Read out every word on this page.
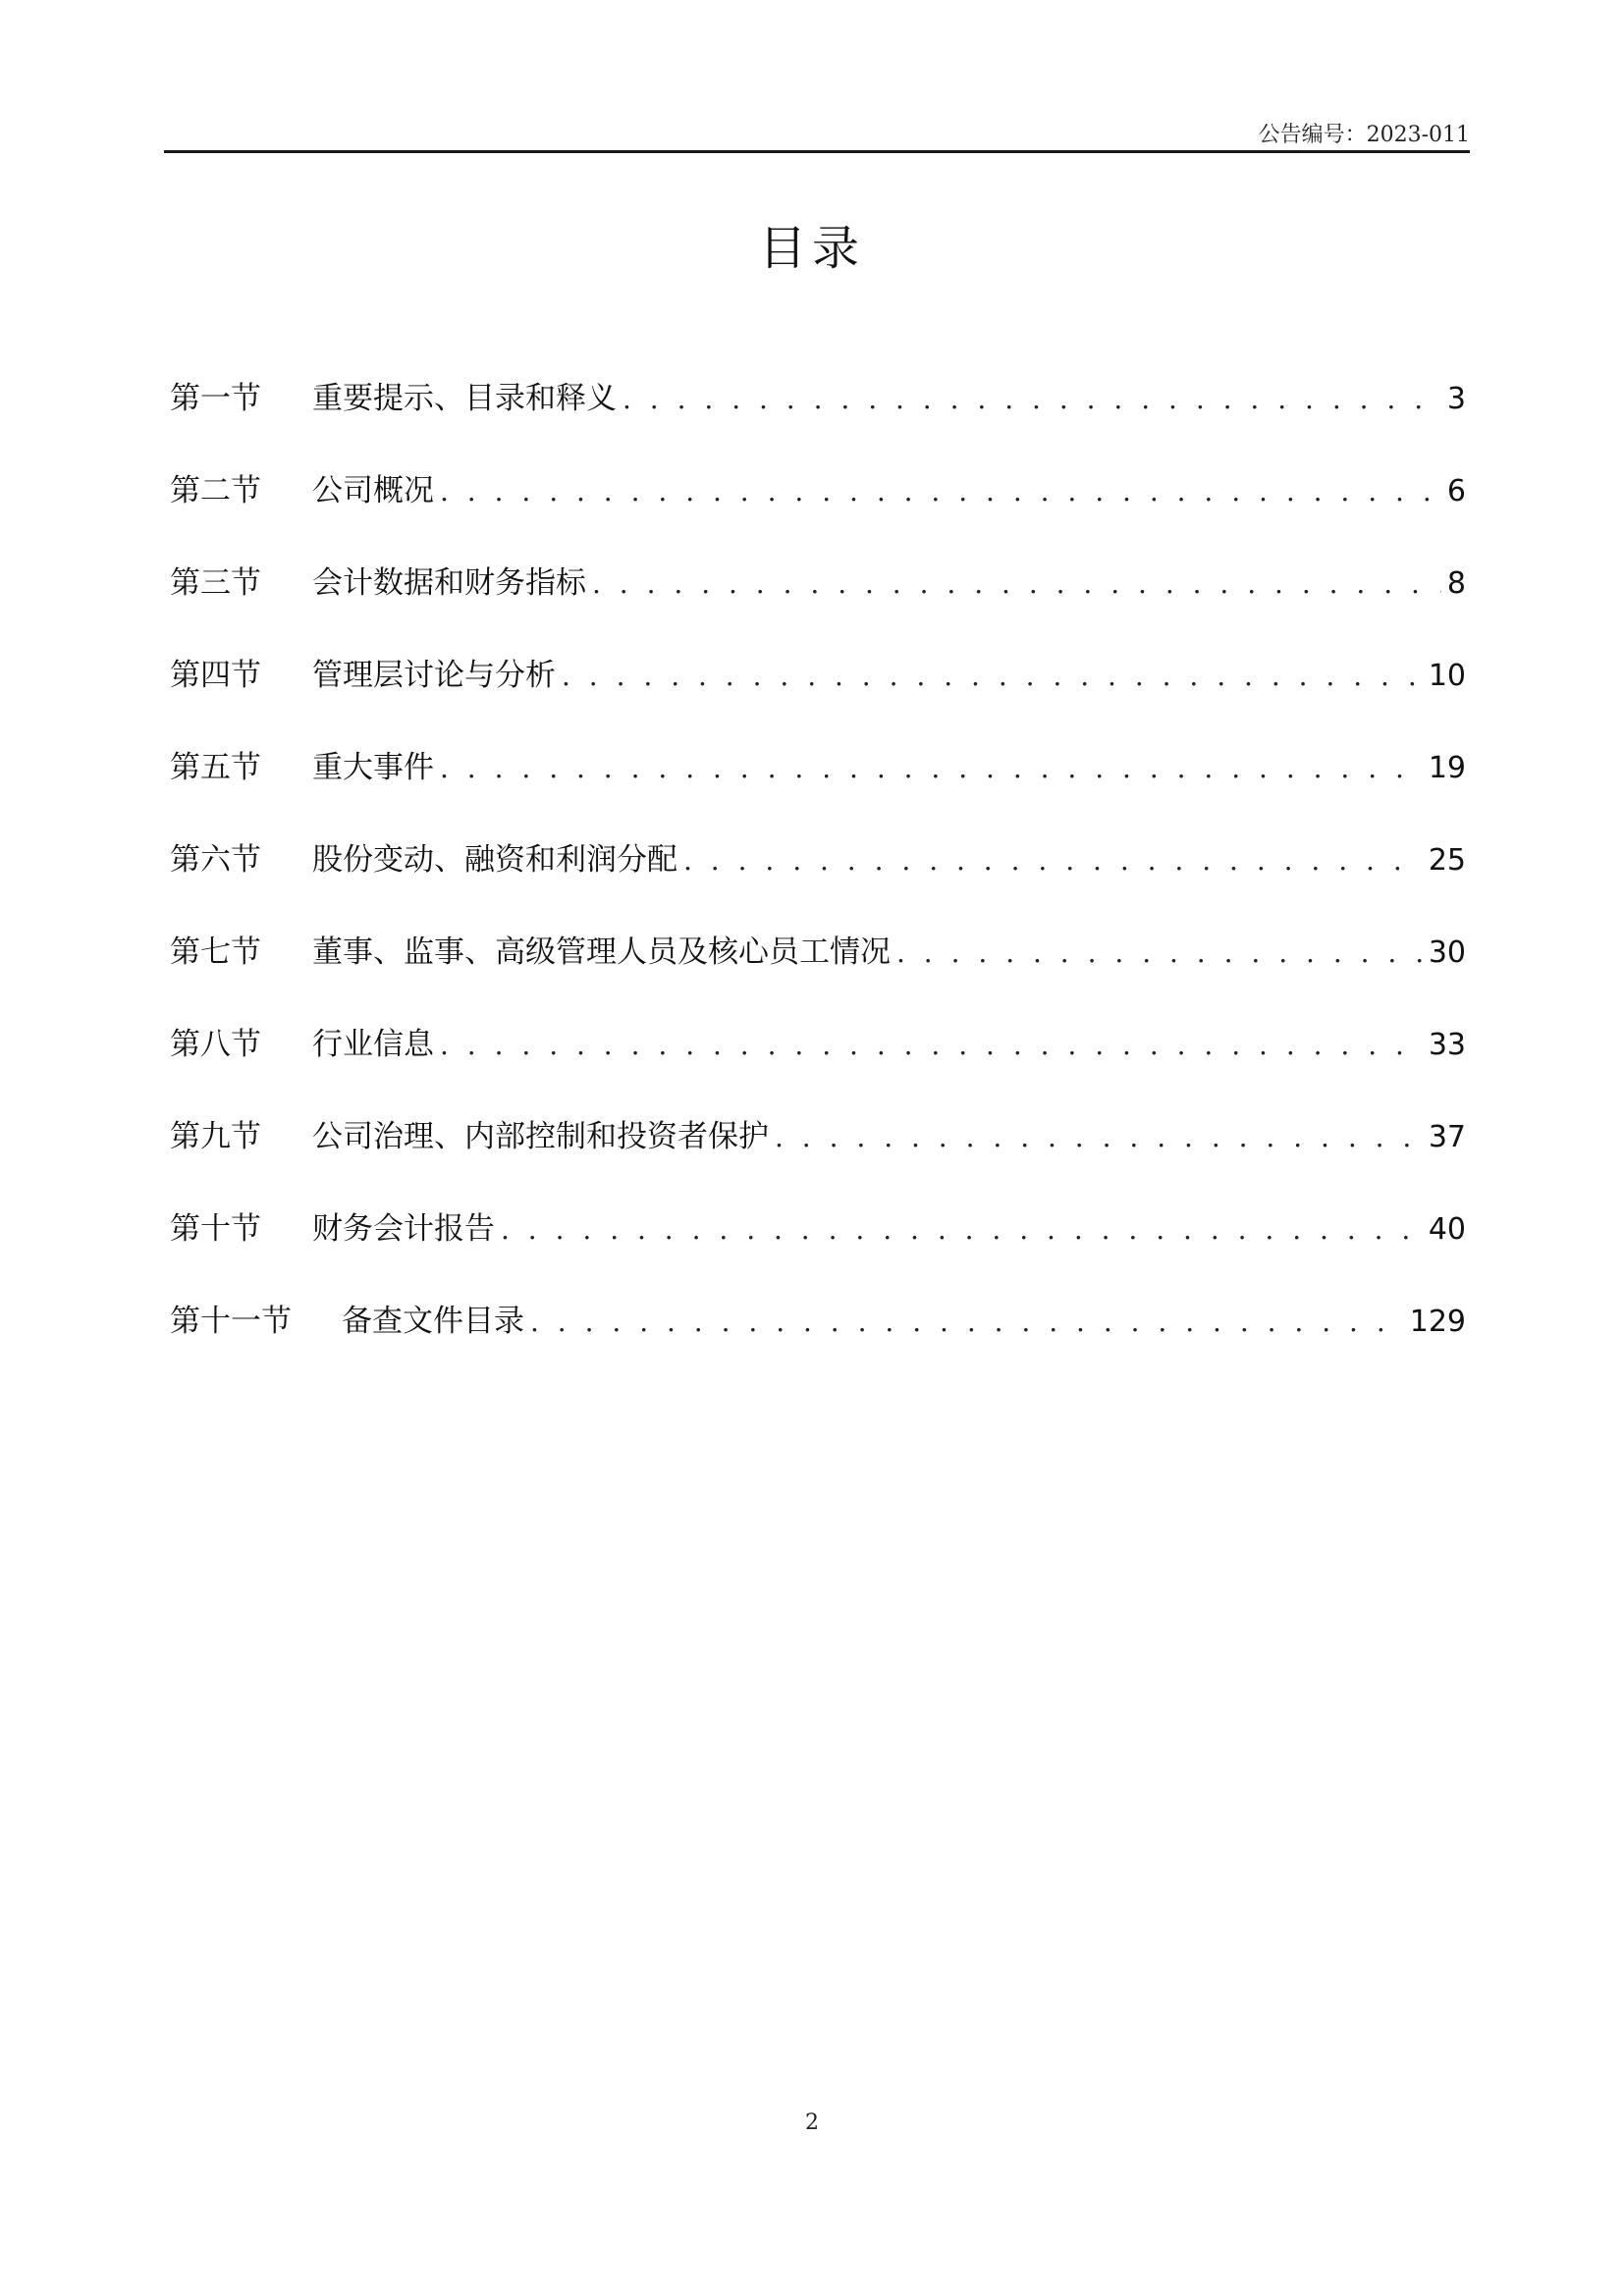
公告编号：2023-011
目录
第一节	重要提示、目录和释义 . . .	3
第二节	公司概况 . . .	6
第三节	会计数据和财务指标 . . .	8
第四节	管理层讨论与分析 . . .	10
第五节	重大事件 . . .	19
第六节	股份变动、融资和利润分配 . . .	25
第七节	董事、监事、高级管理人员及核心员工情况 . . .	30
第八节	行业信息 . . .	33
第九节	公司治理、内部控制和投资者保护 . . .	37
第十节	财务会计报告 . . .	40
第十一节	备查文件目录 . . .	129
2
